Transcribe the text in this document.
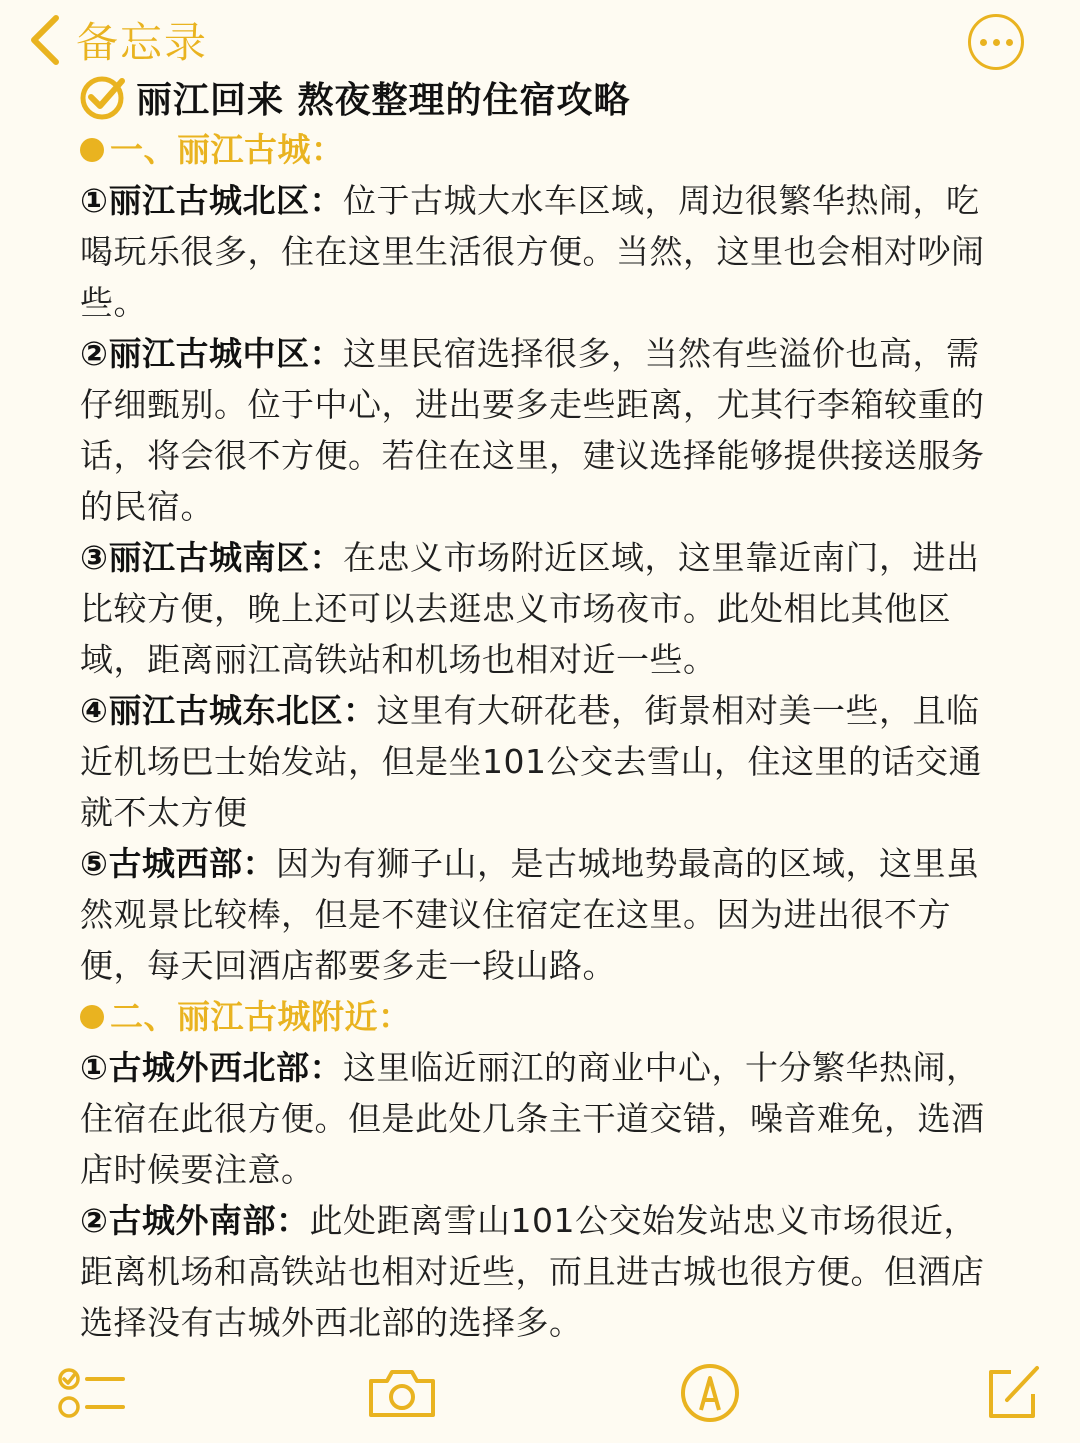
备忘录
丽江回来 熬夜整理的住宿攻略
一、丽江古城：

①丽江古城北区：位于古城大水车区域，周边很繁华热闹，吃喝玩乐很多，住在这里生活很方便。当然，这里也会相对吵闹些。

②丽江古城中区：这里民宿选择很多，当然有些溢价也高，需仔细甄别。位于中心，进出要多走些距离，尤其行李箱较重的话，将会很不方便。若住在这里，建议选择能够提供接送服务的民宿。

③丽江古城南区：在忠义市场附近区域，这里靠近南门，进出比较方便，晚上还可以去逛忠义市场夜市。此处相比其他区域，距离丽江高铁站和机场也相对近一些。

④丽江古城东北区：这里有大研花巷，街景相对美一些，且临近机场巴士始发站，但是坐101公交去雪山，住这里的话交通就不太方便

⑤古城西部：因为有狮子山，是古城地势最高的区域，这里虽然观景比较棒，但是不建议住宿定在这里。因为进出很不方便，每天回酒店都要多走一段山路。

二、丽江古城附近：

①古城外西北部：这里临近丽江的商业中心，十分繁华热闹，住宿在此很方便。但是此处几条主干道交错，噪音难免，选酒店时候要注意。

②古城外南部：此处距离雪山101公交始发站忠义市场很近，距离机场和高铁站也相对近些，而且进古城也很方便。但酒店选择没有古城外西北部的选择多。
